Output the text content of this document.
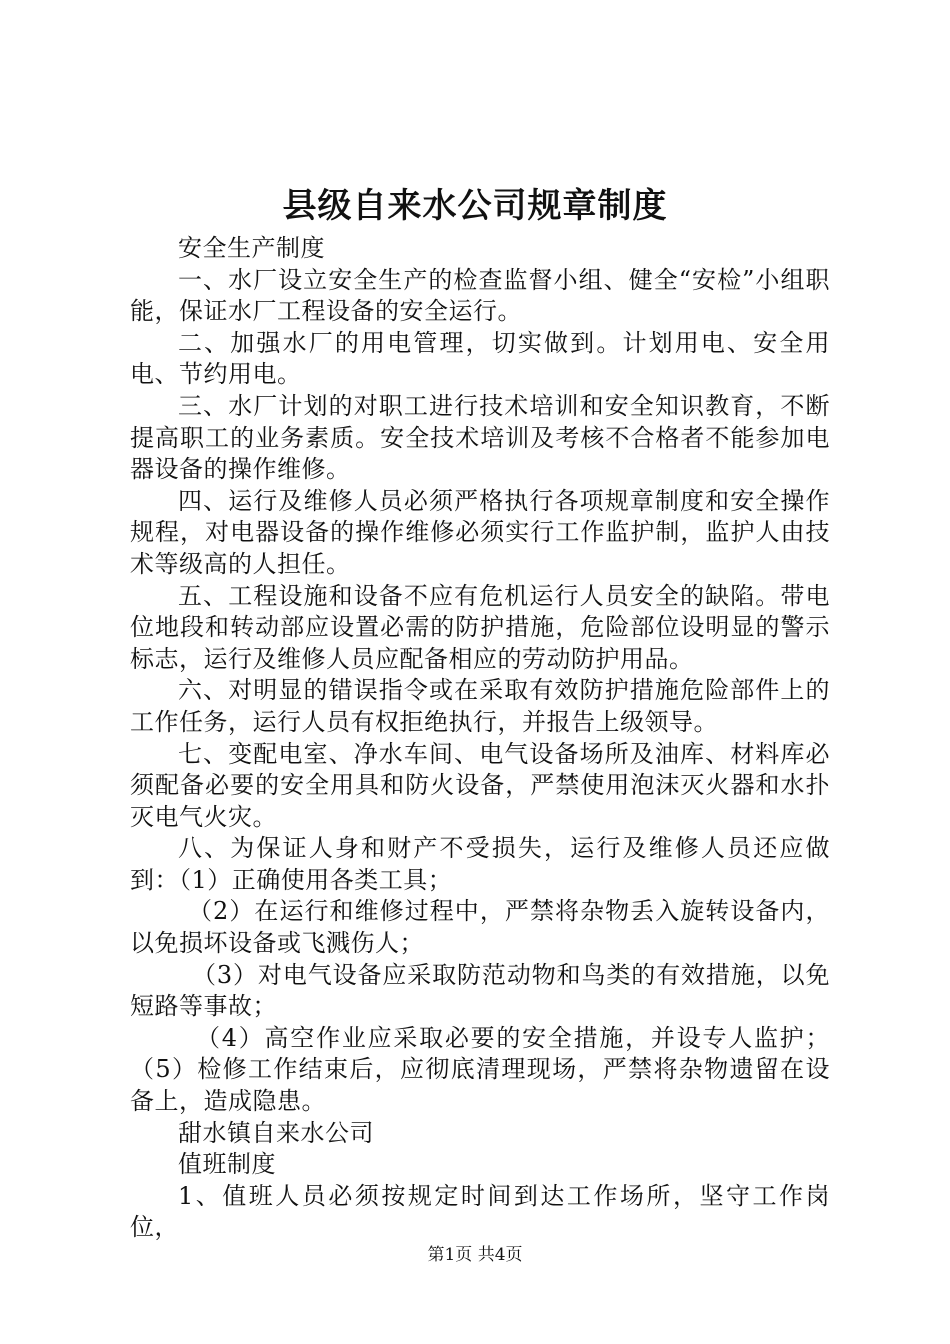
县级自来水公司规章制度

安全生产制度

一、水厂设立安全生产的检查监督小组、健全“安检”小组职能，保证水厂工程设备的安全运行。

二、加强水厂的用电管理，切实做到。计划用电、安全用电、节约用电。

三、水厂计划的对职工进行技术培训和安全知识教育，不断提高职工的业务素质。安全技术培训及考核不合格者不能参加电器设备的操作维修。

四、运行及维修人员必须严格执行各项规章制度和安全操作规程，对电器设备的操作维修必须实行工作监护制，监护人由技术等级高的人担任。

五、工程设施和设备不应有危机运行人员安全的缺陷。带电位地段和转动部应设置必需的防护措施，危险部位设明显的警示标志，运行及维修人员应配备相应的劳动防护用品。

六、对明显的错误指令或在采取有效防护措施危险部件上的工作任务，运行人员有权拒绝执行，并报告上级领导。

七、变配电室、净水车间、电气设备场所及油库、材料库必须配备必要的安全用具和防火设备，严禁使用泡沫灭火器和水扑灭电气火灾。

八、为保证人身和财产不受损失，运行及维修人员还应做到：（1）正确使用各类工具；

（2）在运行和维修过程中，严禁将杂物丢入旋转设备内，以免损坏设备或飞溅伤人；

（3）对电气设备应采取防范动物和鸟类的有效措施，以免短路等事故；

（4）高空作业应采取必要的安全措施，并设专人监护；（5）检修工作结束后，应彻底清理现场，严禁将杂物遗留在设备上，造成隐患。

甜水镇自来水公司

值班制度

1、值班人员必须按规定时间到达工作场所，坚守工作岗位，

第1页 共4页
